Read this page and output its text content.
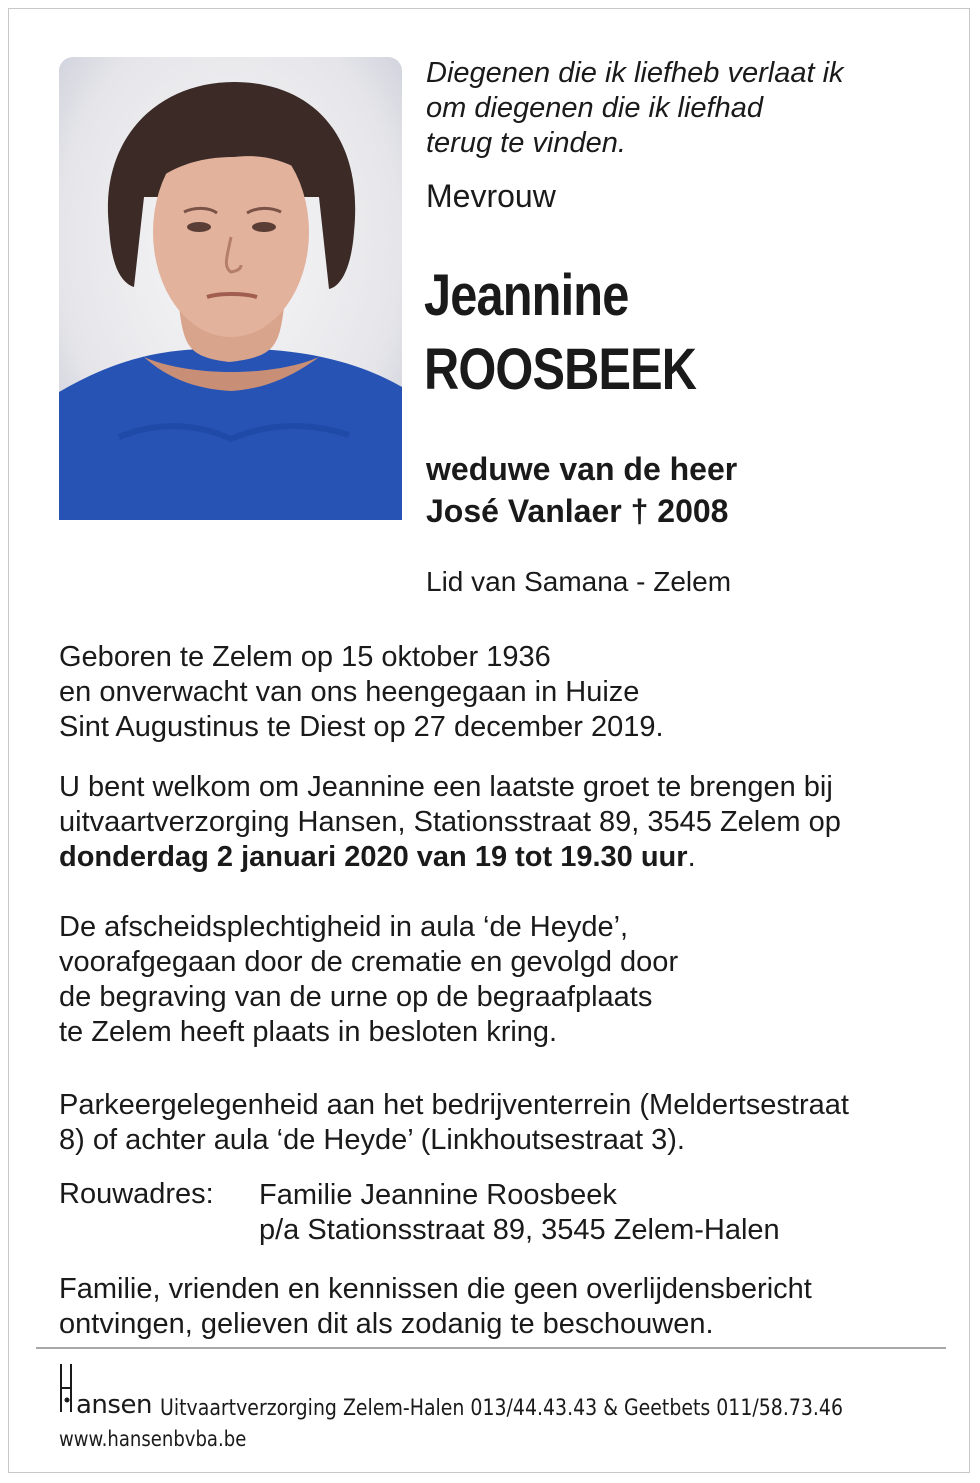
Diegenen die ik liefheb verlaat ik
om diegenen die ik liefhad
terug te vinden.

Mevrouw

Jeannine
ROOSBEEK

weduwe van de heer
José Vanlaer † 2008

Lid van Samana - Zelem

Geboren te Zelem op 15 oktober 1936
en onverwacht van ons heengegaan in Huize
Sint Augustinus te Diest op 27 december 2019.

U bent welkom om Jeannine een laatste groet te brengen bij
uitvaartverzorging Hansen, Stationsstraat 89, 3545 Zelem op
donderdag 2 januari 2020 van 19 tot 19.30 uur.

De afscheidsplechtigheid in aula ‘de Heyde’,
voorafgegaan door de crematie en gevolgd door
de begraving van de urne op de begraafplaats
te Zelem heeft plaats in besloten kring.

Parkeergelegenheid aan het bedrijventerrein (Meldertsestraat
8) of achter aula ‘de Heyde’ (Linkhoutsestraat 3).

Rouwadres: Familie Jeannine Roosbeek
p/a Stationsstraat 89, 3545 Zelem-Halen

Familie, vrienden en kennissen die geen overlijdensbericht
ontvingen, gelieven dit als zodanig te beschouwen.

ansen Uitvaartverzorging Zelem-Halen 013/44.43.43 & Geetbets 011/58.73.46

www.hansenbvba.be
